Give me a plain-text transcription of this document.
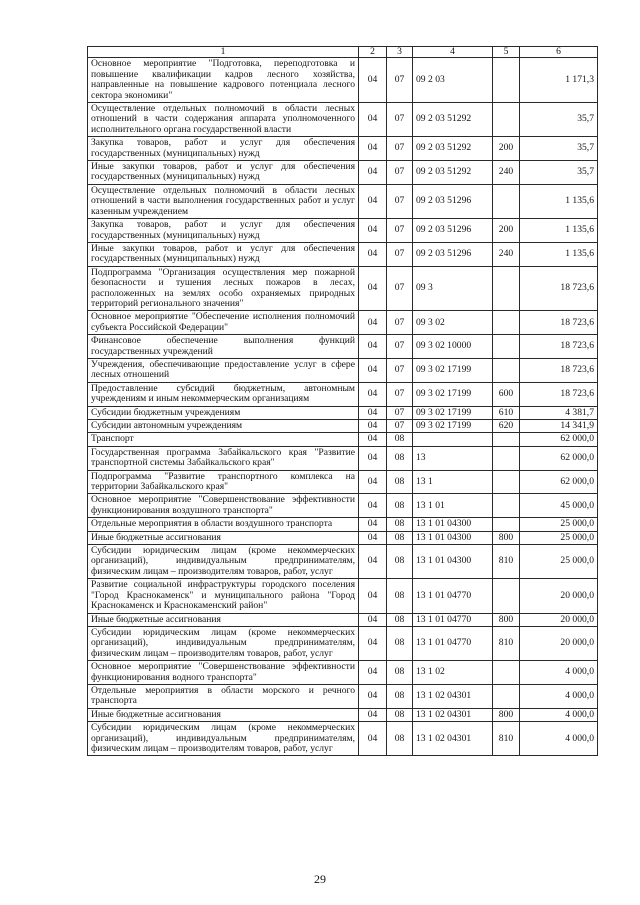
1	2	3	4	5	6
Основное мероприятие "Подготовка, переподготовка и повышение квалификации кадров лесного хозяйства, направленные на повышение кадрового потенциала лесного сектора экономики"	04	07	09 2 03		1 171,3
Осуществление отдельных полномочий в области лесных отношений в части содержания аппарата уполномоченного исполнительного органа государственной власти	04	07	09 2 03 51292		35,7
Закупка товаров, работ и услуг для обеспечения государственных (муниципальных) нужд	04	07	09 2 03 51292	200	35,7
Иные закупки товаров, работ и услуг для обеспечения государственных (муниципальных) нужд	04	07	09 2 03 51292	240	35,7
Осуществление отдельных полномочий в области лесных отношений в части выполнения государственных работ и услуг казенным учреждением	04	07	09 2 03 51296		1 135,6
Закупка товаров, работ и услуг для обеспечения государственных (муниципальных) нужд	04	07	09 2 03 51296	200	1 135,6
Иные закупки товаров, работ и услуг для обеспечения государственных (муниципальных) нужд	04	07	09 2 03 51296	240	1 135,6
Подпрограмма "Организация осуществления мер пожарной безопасности и тушения лесных пожаров в лесах, расположенных на землях особо охраняемых природных территорий регионального значения"	04	07	09 3		18 723,6
Основное мероприятие "Обеспечение исполнения полномочий субъекта Российской Федерации"	04	07	09 3 02		18 723,6
Финансовое обеспечение выполнения функций государственных учреждений	04	07	09 3 02 10000		18 723,6
Учреждения, обеспечивающие предоставление услуг в сфере лесных отношений	04	07	09 3 02 17199		18 723,6
Предоставление субсидий бюджетным, автономным учреждениям и иным некоммерческим организациям	04	07	09 3 02 17199	600	18 723,6
Субсидии бюджетным учреждениям	04	07	09 3 02 17199	610	4 381,7
Субсидии автономным учреждениям	04	07	09 3 02 17199	620	14 341,9
Транспорт	04	08			62 000,0
Государственная программа Забайкальского края "Развитие транспортной системы Забайкальского края"	04	08	13		62 000,0
Подпрограмма "Развитие транспортного комплекса на территории Забайкальского края"	04	08	13 1		62 000,0
Основное мероприятие "Совершенствование эффективности функционирования воздушного транспорта"	04	08	13 1 01		45 000,0
Отдельные мероприятия в области воздушного транспорта	04	08	13 1 01 04300		25 000,0
Иные бюджетные ассигнования	04	08	13 1 01 04300	800	25 000,0
Субсидии юридическим лицам (кроме некоммерческих организаций), индивидуальным предпринимателям, физическим лицам – производителям товаров, работ, услуг	04	08	13 1 01 04300	810	25 000,0
Развитие социальной инфраструктуры городского поселения "Город Краснокаменск" и муниципального района "Город Краснокаменск и Краснокаменский район"	04	08	13 1 01 04770		20 000,0
Иные бюджетные ассигнования	04	08	13 1 01 04770	800	20 000,0
Субсидии юридическим лицам (кроме некоммерческих организаций), индивидуальным предпринимателям, физическим лицам – производителям товаров, работ, услуг	04	08	13 1 01 04770	810	20 000,0
Основное мероприятие "Совершенствование эффективности функционирования водного транспорта"	04	08	13 1 02		4 000,0
Отдельные мероприятия в области морского и речного транспорта	04	08	13 1 02 04301		4 000,0
Иные бюджетные ассигнования	04	08	13 1 02 04301	800	4 000,0
Субсидии юридическим лицам (кроме некоммерческих организаций), индивидуальным предпринимателям, физическим лицам – производителям товаров, работ, услуг	04	08	13 1 02 04301	810	4 000,0
29
